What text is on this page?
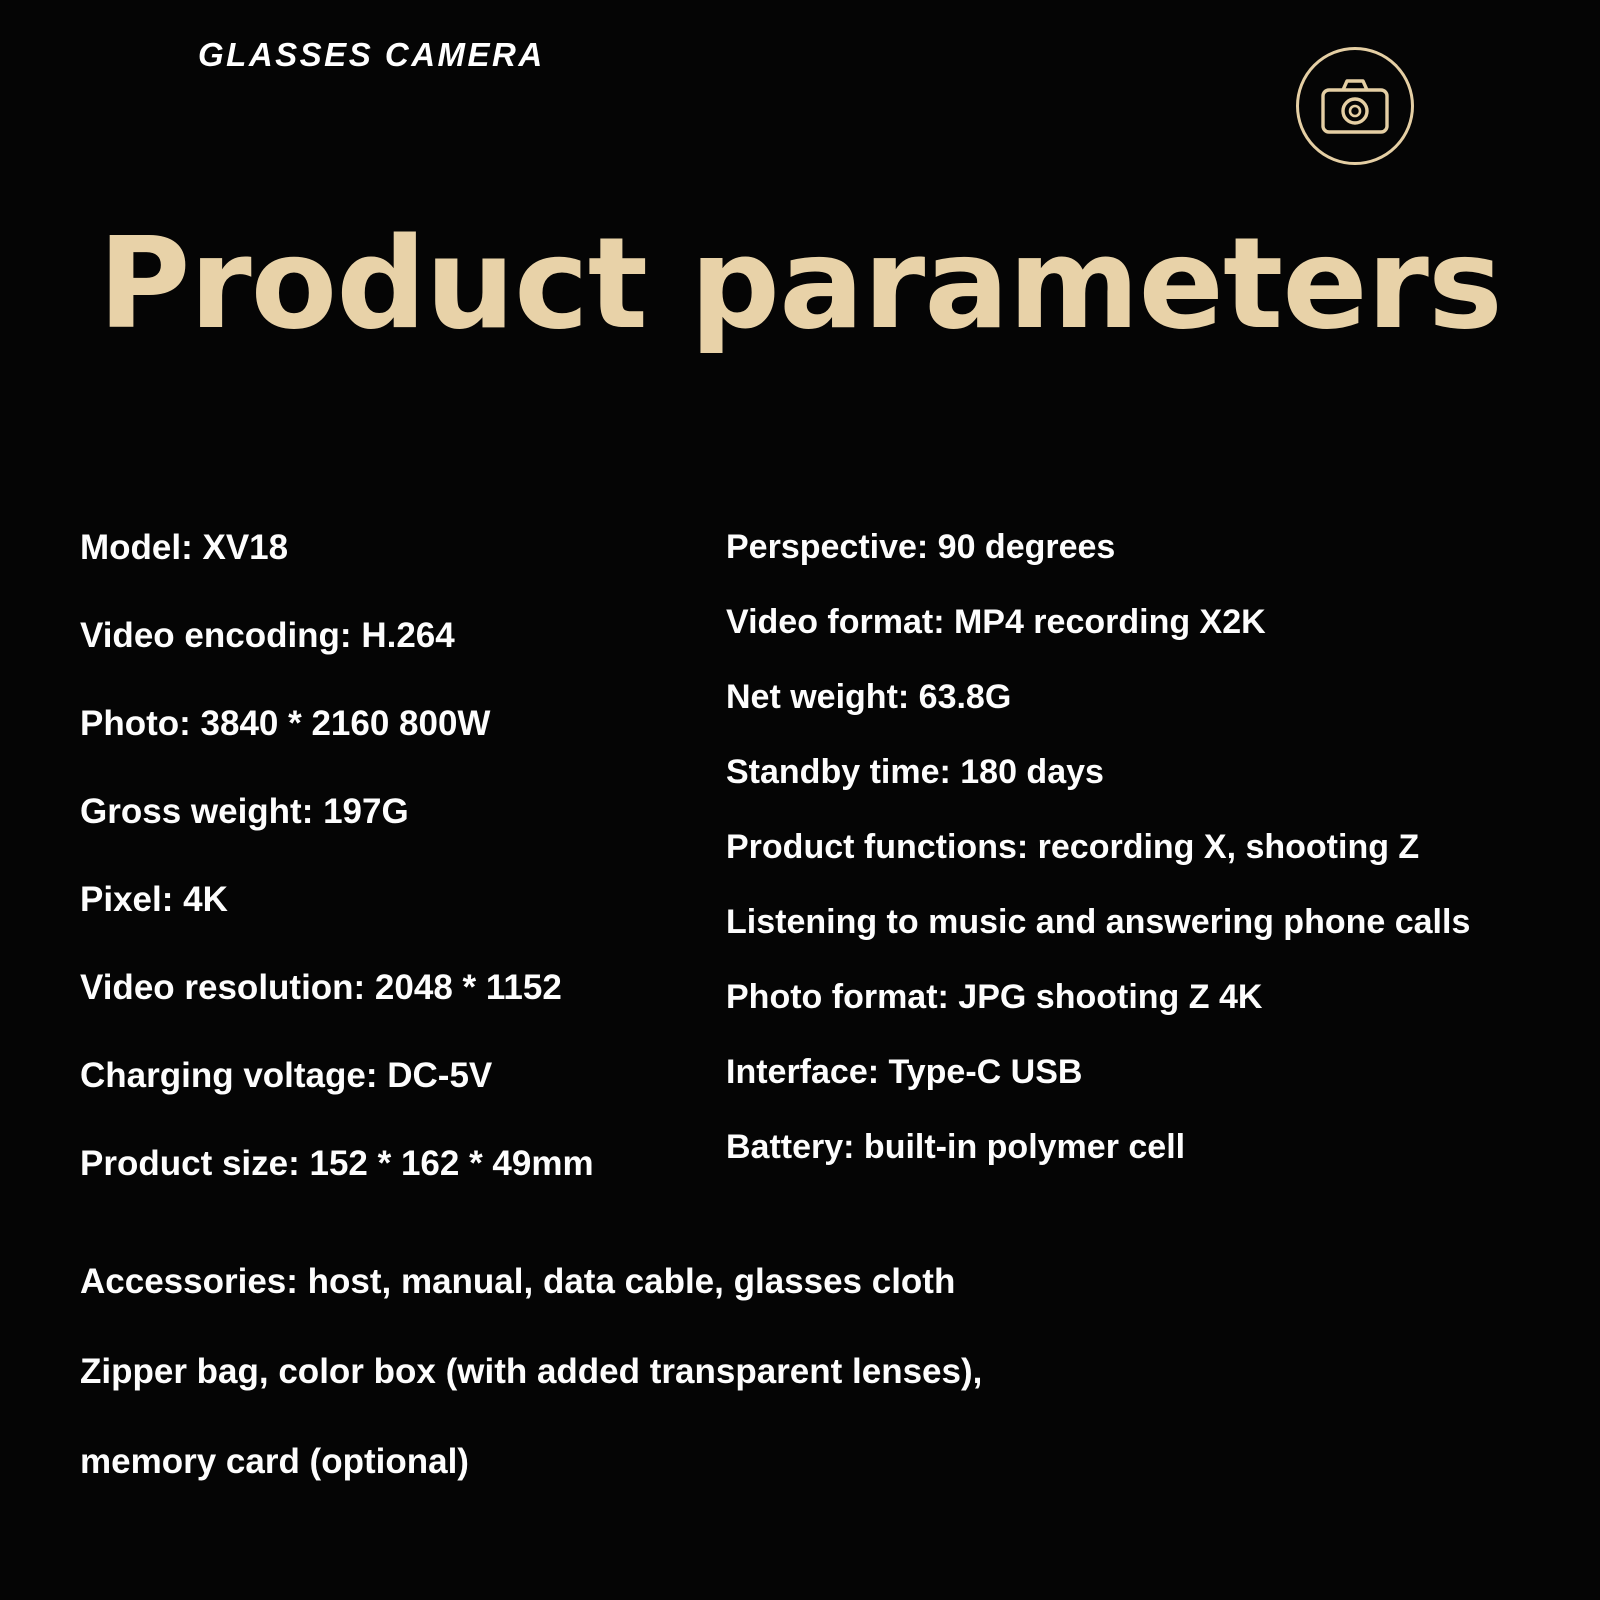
GLASSES CAMERA
Product parameters
Model: XV18
Video encoding: H.264
Photo: 3840 * 2160 800W
Gross weight: 197G
Pixel: 4K
Video resolution: 2048 * 1152
Charging voltage: DC-5V
Product size: 152 * 162 * 49mm
Perspective: 90 degrees
Video format: MP4 recording X2K
Net weight: 63.8G
Standby time: 180 days
Product functions: recording X, shooting Z
Listening to music and answering phone calls
Photo format: JPG shooting Z 4K
Interface: Type-C USB
Battery: built-in polymer cell
Accessories: host, manual, data cable, glasses cloth
Zipper bag, color box (with added transparent lenses),
memory card (optional)
